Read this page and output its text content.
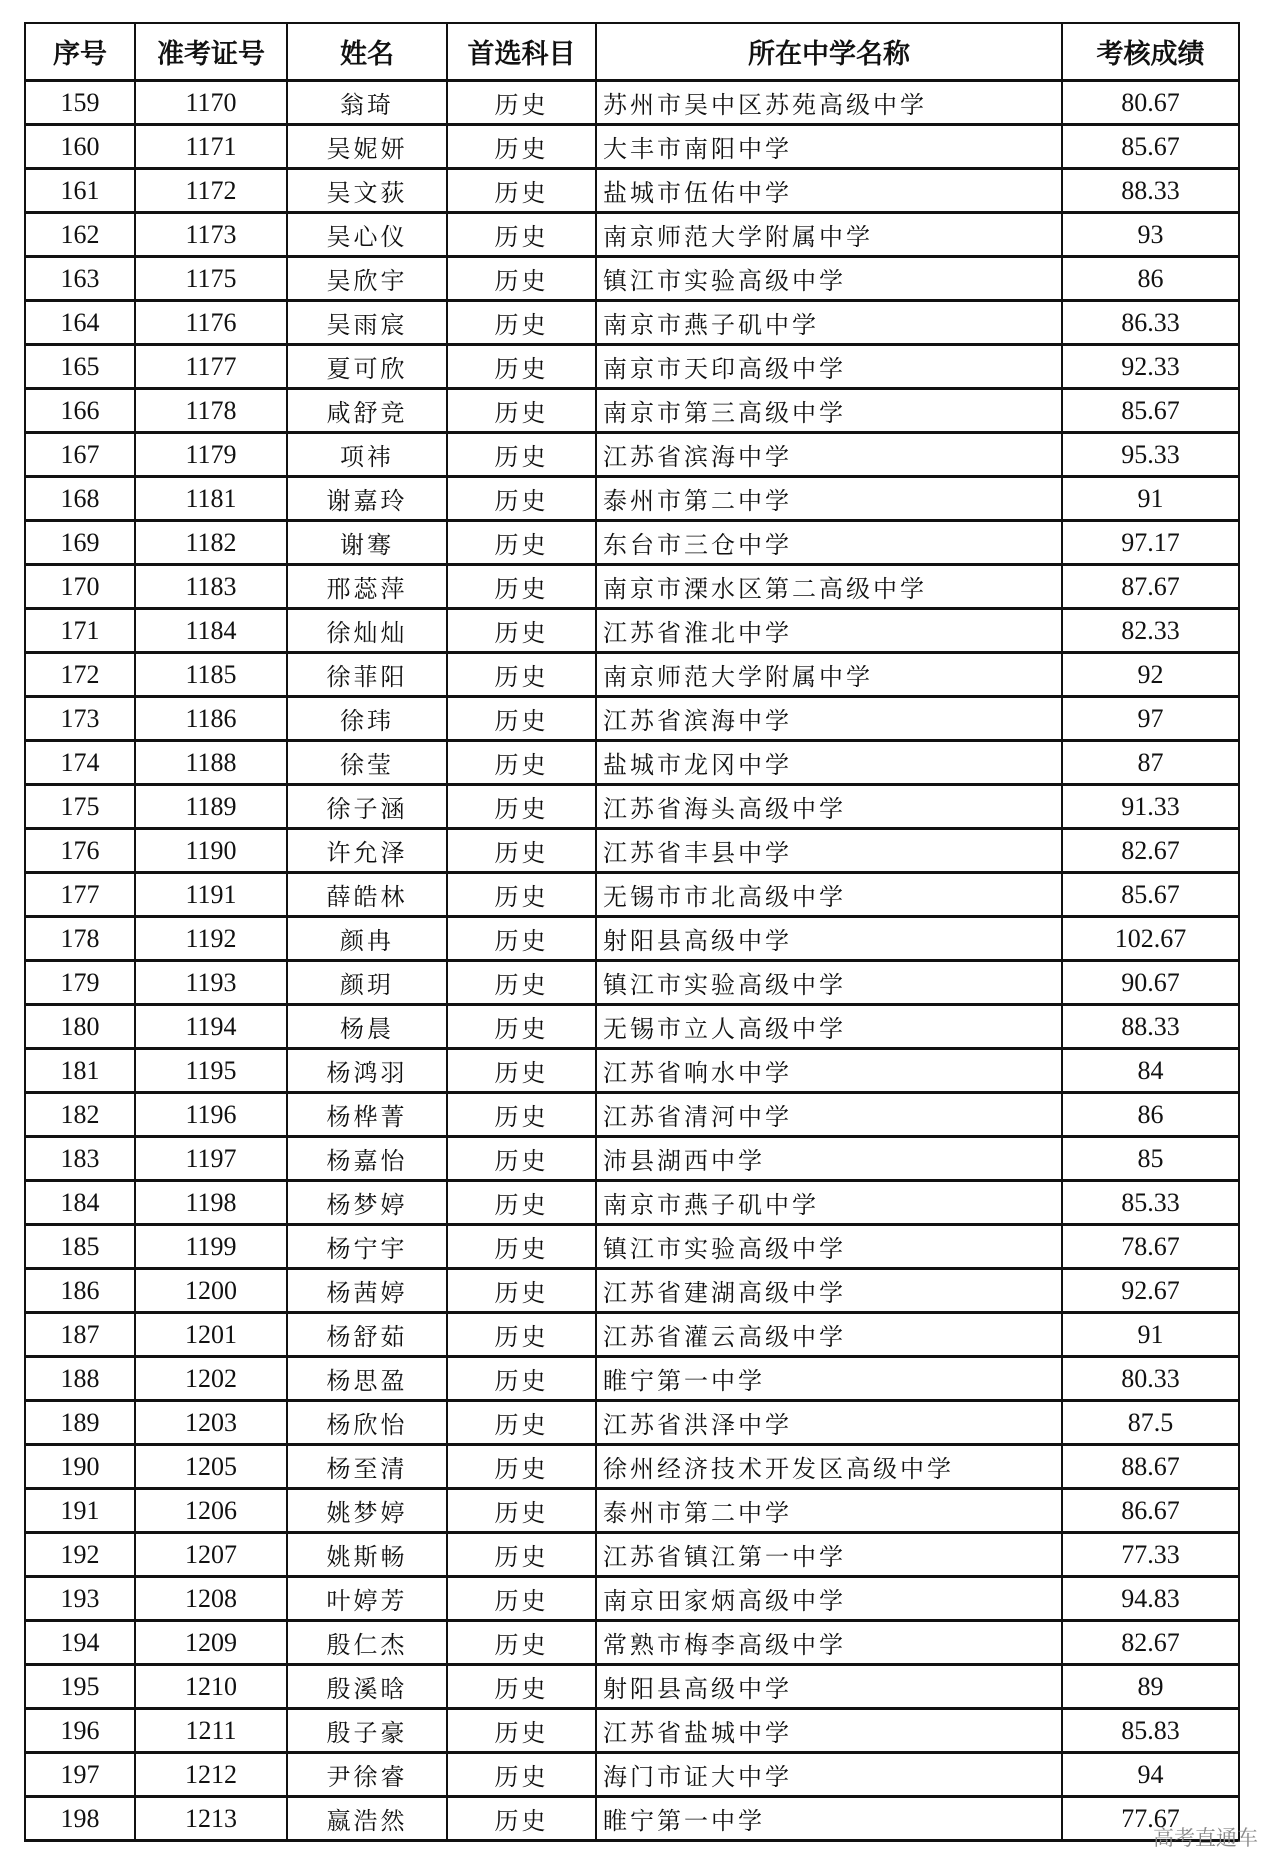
序号	准考证号	姓名	首选科目	所在中学名称	考核成绩
159	1170	翁琦	历史	苏州市吴中区苏苑高级中学	80.67
160	1171	吴妮妍	历史	大丰市南阳中学	85.67
161	1172	吴文荻	历史	盐城市伍佑中学	88.33
162	1173	吴心仪	历史	南京师范大学附属中学	93
163	1175	吴欣宇	历史	镇江市实验高级中学	86
164	1176	吴雨宸	历史	南京市燕子矶中学	86.33
165	1177	夏可欣	历史	南京市天印高级中学	92.33
166	1178	咸舒竞	历史	南京市第三高级中学	85.67
167	1179	项祎	历史	江苏省滨海中学	95.33
168	1181	谢嘉玲	历史	泰州市第二中学	91
169	1182	谢骞	历史	东台市三仓中学	97.17
170	1183	邢蕊萍	历史	南京市溧水区第二高级中学	87.67
171	1184	徐灿灿	历史	江苏省淮北中学	82.33
172	1185	徐菲阳	历史	南京师范大学附属中学	92
173	1186	徐玮	历史	江苏省滨海中学	97
174	1188	徐莹	历史	盐城市龙冈中学	87
175	1189	徐子涵	历史	江苏省海头高级中学	91.33
176	1190	许允泽	历史	江苏省丰县中学	82.67
177	1191	薛皓林	历史	无锡市市北高级中学	85.67
178	1192	颜冉	历史	射阳县高级中学	102.67
179	1193	颜玥	历史	镇江市实验高级中学	90.67
180	1194	杨晨	历史	无锡市立人高级中学	88.33
181	1195	杨鸿羽	历史	江苏省响水中学	84
182	1196	杨桦菁	历史	江苏省清河中学	86
183	1197	杨嘉怡	历史	沛县湖西中学	85
184	1198	杨梦婷	历史	南京市燕子矶中学	85.33
185	1199	杨宁宇	历史	镇江市实验高级中学	78.67
186	1200	杨茜婷	历史	江苏省建湖高级中学	92.67
187	1201	杨舒茹	历史	江苏省灌云高级中学	91
188	1202	杨思盈	历史	睢宁第一中学	80.33
189	1203	杨欣怡	历史	江苏省洪泽中学	87.5
190	1205	杨至清	历史	徐州经济技术开发区高级中学	88.67
191	1206	姚梦婷	历史	泰州市第二中学	86.67
192	1207	姚斯畅	历史	江苏省镇江第一中学	77.33
193	1208	叶婷芳	历史	南京田家炳高级中学	94.83
194	1209	殷仁杰	历史	常熟市梅李高级中学	82.67
195	1210	殷溪晗	历史	射阳县高级中学	89
196	1211	殷子豪	历史	江苏省盐城中学	85.83
197	1212	尹徐睿	历史	海门市证大中学	94
198	1213	嬴浩然	历史	睢宁第一中学	77.67
高考直通车
